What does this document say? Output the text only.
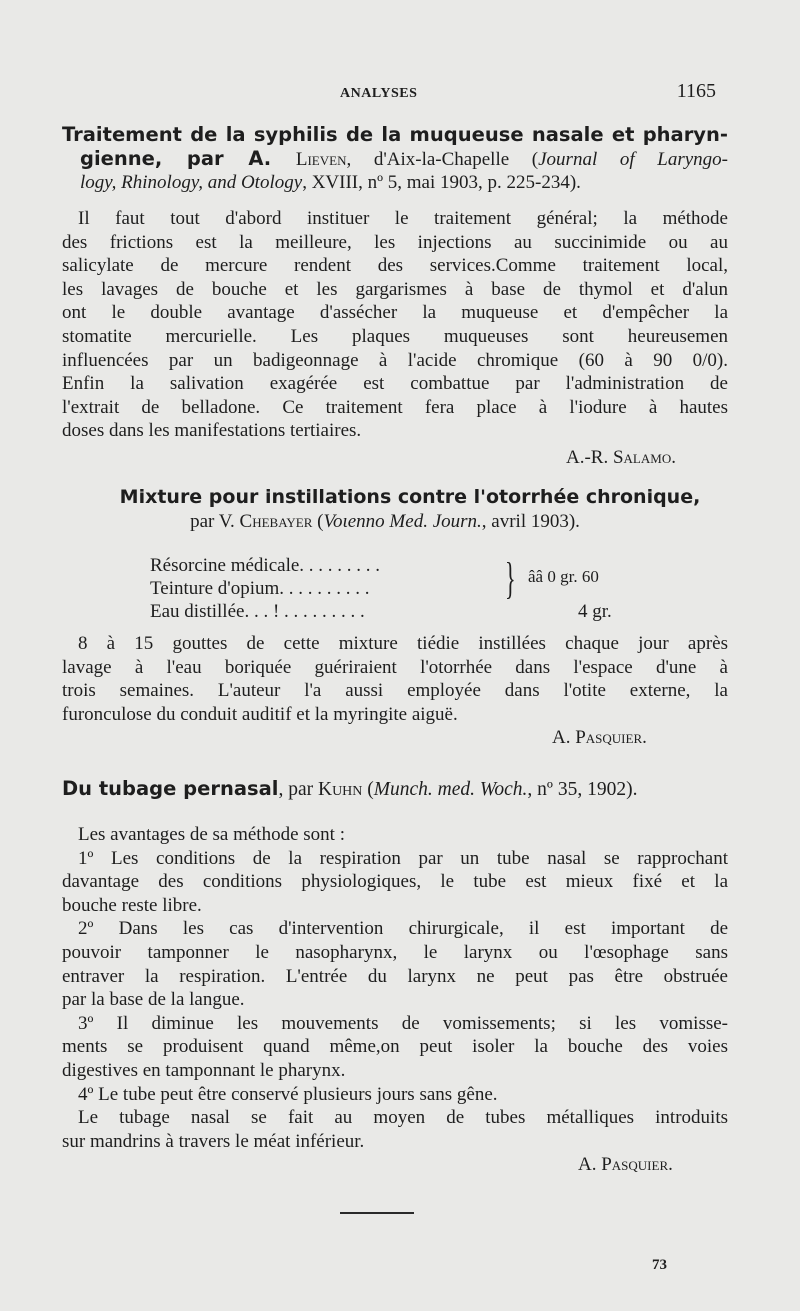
ANALYSES	1165

Traitement de la syphilis de la muqueuse nasale et pharyn-

gienne, par A. Lieven, d'Aix-la-Chapelle (Journal of Laryngo-

logy, Rhinology, and Otology, XVIII, nº 5, mai 1903, p. 225-234).

Il faut tout d'abord instituer le traitement général; la méthode

des frictions est la meilleure, les injections au succinimide ou au

salicylate de mercure rendent des services.Comme traitement local,

les lavages de bouche et les gargarismes à base de thymol et d'alun

ont le double avantage d'assécher la muqueuse et d'empêcher la

stomatite mercurielle. Les plaques muqueuses sont heureusemen

influencées par un badigeonnage à l'acide chromique (60 à 90 0/0).

Enfin la salivation exagérée est combattue par l'administration de

l'extrait de belladone. Ce traitement fera place à l'iodure à hautes

doses dans les manifestations tertiaires.

A.-R. Salamo.

Mixture pour instillations contre l'otorrhée chronique,

par V. Chebayer (Voɩenno Med. Journ., avril 1903).

Résorcine médicale. . . . . . . . .
Teinture d'opium. . . . . . . . . .
Eau distillée. . . ! . . . . . . . . .
} ââ 0 gr. 60
4 gr.

8 à 15 gouttes de cette mixture tiédie instillées chaque jour après

lavage à l'eau boriquée guériraient l'otorrhée dans l'espace d'une à

trois semaines. L'auteur l'a aussi employée dans l'otite externe, la

furonculose du conduit auditif et la myringite aiguë.

A. Pasquier.

Du tubage pernasal, par Kuhn (Munch. med. Woch., nº 35, 1902).

Les avantages de sa méthode sont :

1º Les conditions de la respiration par un tube nasal se rapprochant

davantage des conditions physiologiques, le tube est mieux fixé et la

bouche reste libre.

2º Dans les cas d'intervention chirurgicale, il est important de

pouvoir tamponner le nasopharynx, le larynx ou l'œsophage sans

entraver la respiration. L'entrée du larynx ne peut pas être obstruée

par la base de la langue.

3º Il diminue les mouvements de vomissements; si les vomisse-

ments se produisent quand même,on peut isoler la bouche des voies

digestives en tamponnant le pharynx.

4º Le tube peut être conservé plusieurs jours sans gêne.

Le tubage nasal se fait au moyen de tubes métalliques introduits

sur mandrins à travers le méat inférieur.

A. Pasquier.
73
